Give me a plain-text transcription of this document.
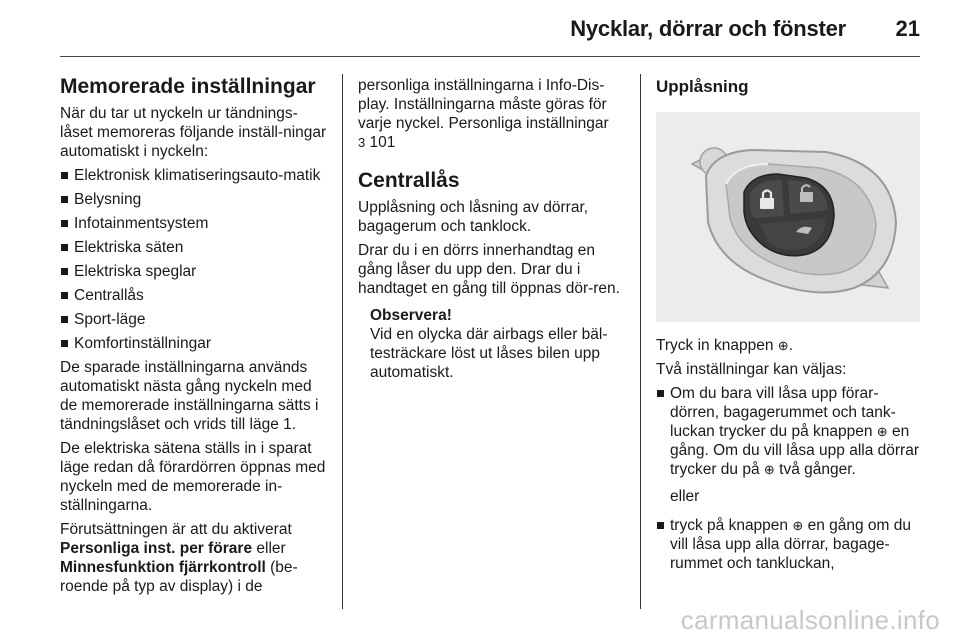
Nycklar, dörrar och fönster 21
Memorerade inställningar

När du tar ut nyckeln ur tändnings-låset memoreras följande inställ-ningar automatiskt i nyckeln:

Elektronisk klimatiseringsauto-matik
Belysning
Infotainmentsystem
Elektriska säten
Elektriska speglar
Centrallås
Sport-läge
Komfortinställningar

De sparade inställningarna används automatiskt nästa gång nyckeln med de memorerade inställningarna sätts i tändningslåset och vrids till läge 1.

De elektriska sätena ställs in i sparat läge redan då förardörren öppnas med nyckeln med de memorerade in-ställningarna.

Förutsättningen är att du aktiverat Personliga inst. per förare eller
Minnesfunktion fjärrkontroll (be-roende på typ av display) i de

personliga inställningarna i Info-Dis-play. Inställningarna måste göras för varje nyckel. Personliga inställningar
3 101

Centrallås

Upplåsning och låsning av dörrar, bagagerum och tanklock.

Drar du i en dörrs innerhandtag en gång låser du upp den. Drar du i handtaget en gång till öppnas dör-ren.

Observera!
Vid en olycka där airbags eller bäl-testräckare löst ut låses bilen upp automatiskt.
Upplåsning

Tryck in knappen ⊕.

Två inställningar kan väljas:

Om du bara vill låsa upp förar-dörren, bagagerummet och tank-luckan trycker du på knappen ⊕ en gång. Om du vill låsa upp alla dörrar trycker du på ⊕ två gånger.
eller
tryck på knappen ⊕ en gång om du vill låsa upp alla dörrar, bagage-rummet och tankluckan,
carmanualsonline.info
